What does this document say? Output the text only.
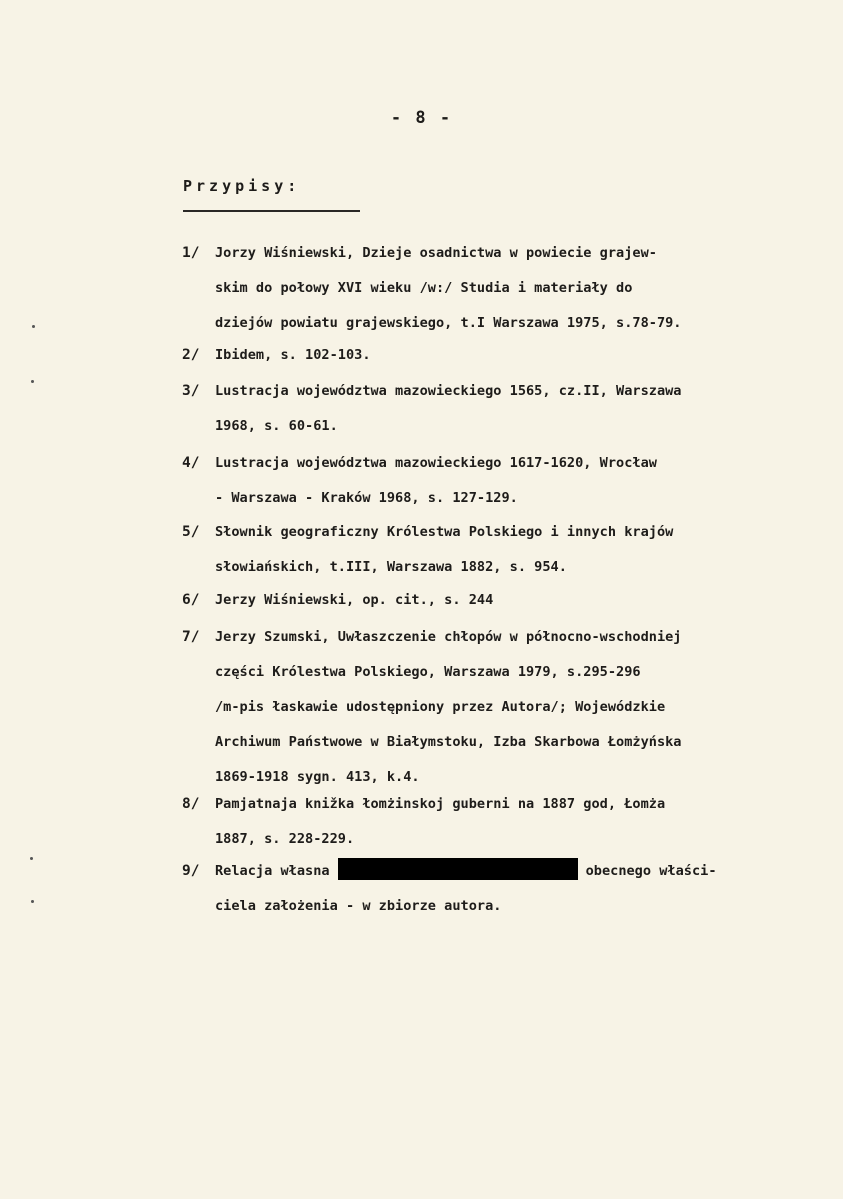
- 8 -
Przypisy:
1/	Jorzy Wiśniewski, Dzieje osadnictwa w powiecie grajew-
skim do połowy XVI wieku /w:/ Studia i materiały do
dziejów powiatu grajewskiego, t.I Warszawa 1975, s.78-79.
2/	Ibidem, s. 102-103.
3/	Lustracja województwa mazowieckiego 1565, cz.II, Warszawa
1968, s. 60-61.
4/	Lustracja województwa mazowieckiego 1617-1620, Wrocław
- Warszawa - Kraków 1968, s. 127-129.
5/	Słownik geograficzny Królestwa Polskiego i innych krajów
słowiańskich, t.III, Warszawa 1882, s. 954.
6/	Jerzy Wiśniewski, op. cit., s. 244
7/	Jerzy Szumski, Uwłaszczenie chłopów w północno-wschodniej
części Królestwa Polskiego, Warszawa 1979, s.295-296
/m-pis łaskawie udostępniony przez Autora/; Wojewódzkie
Archiwum Państwowe w Białymstoku, Izba Skarbowa Łomżyńska
1869-1918 sygn. 413, k.4.
8/	Pamjatnaja knižka łomżinskoj guberni na 1887 god, Łomża
1887, s. 228-229.
9/	Relacja własna	obecnego właści-
ciela założenia - w zbiorze autora.
